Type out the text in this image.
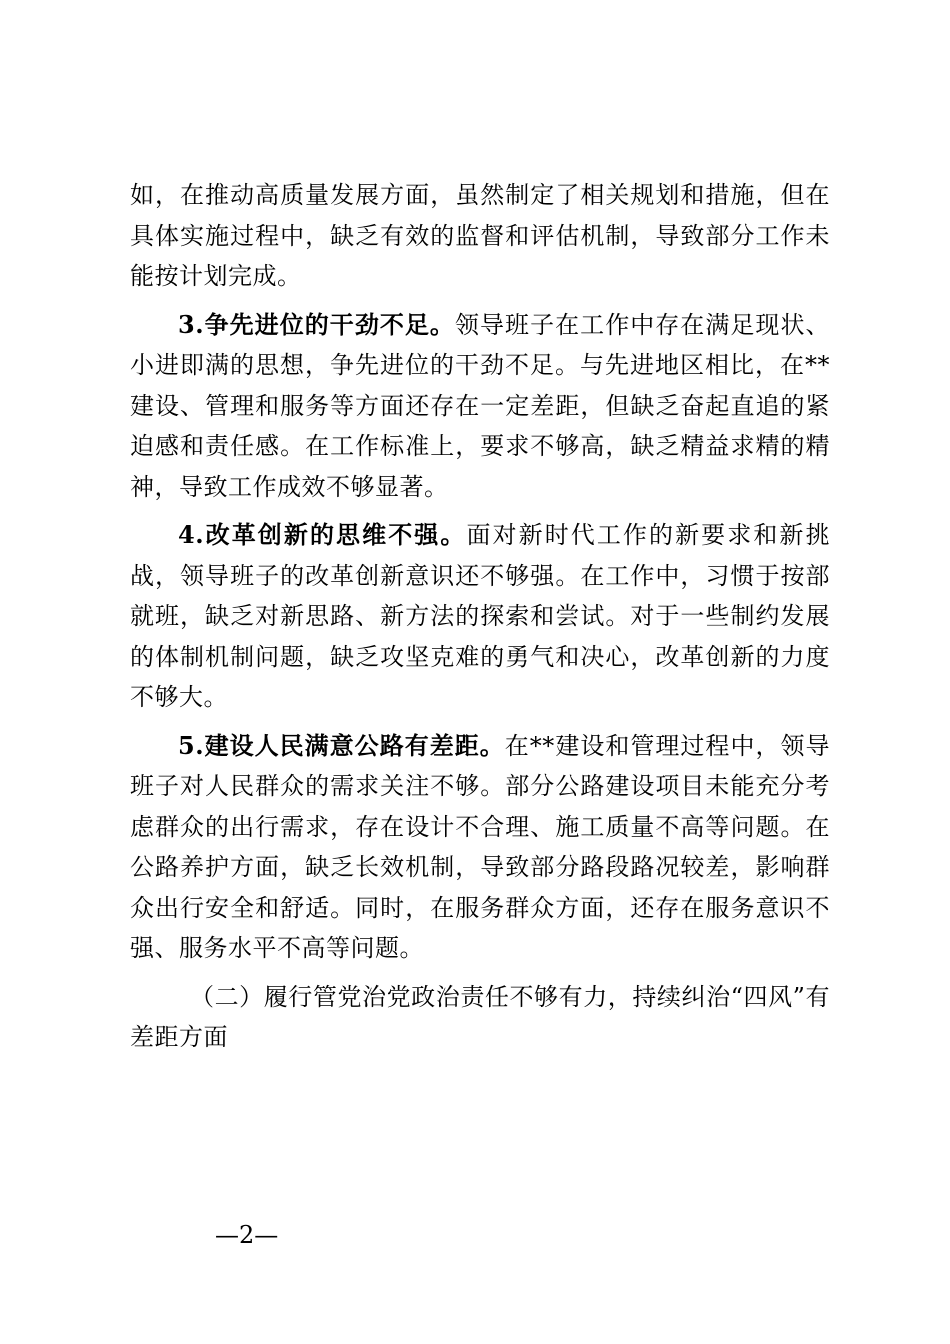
如，在推动高质量发展方面，虽然制定了相关规划和措施，但在具体实施过程中，缺乏有效的监督和评估机制，导致部分工作未能按计划完成。

3.争先进位的干劲不足。领导班子在工作中存在满足现状、小进即满的思想，争先进位的干劲不足。与先进地区相比，在**建设、管理和服务等方面还存在一定差距，但缺乏奋起直追的紧迫感和责任感。在工作标准上，要求不够高，缺乏精益求精的精神，导致工作成效不够显著。

4.改革创新的思维不强。面对新时代工作的新要求和新挑战，领导班子的改革创新意识还不够强。在工作中，习惯于按部就班，缺乏对新思路、新方法的探索和尝试。对于一些制约发展的体制机制问题，缺乏攻坚克难的勇气和决心，改革创新的力度不够大。

5.建设人民满意公路有差距。在**建设和管理过程中，领导班子对人民群众的需求关注不够。部分公路建设项目未能充分考虑群众的出行需求，存在设计不合理、施工质量不高等问题。在公路养护方面，缺乏长效机制，导致部分路段路况较差，影响群众出行安全和舒适。同时，在服务群众方面，还存在服务意识不强、服务水平不高等问题。

（二）履行管党治党政治责任不够有力，持续纠治“四风”有差距方面

—2—
